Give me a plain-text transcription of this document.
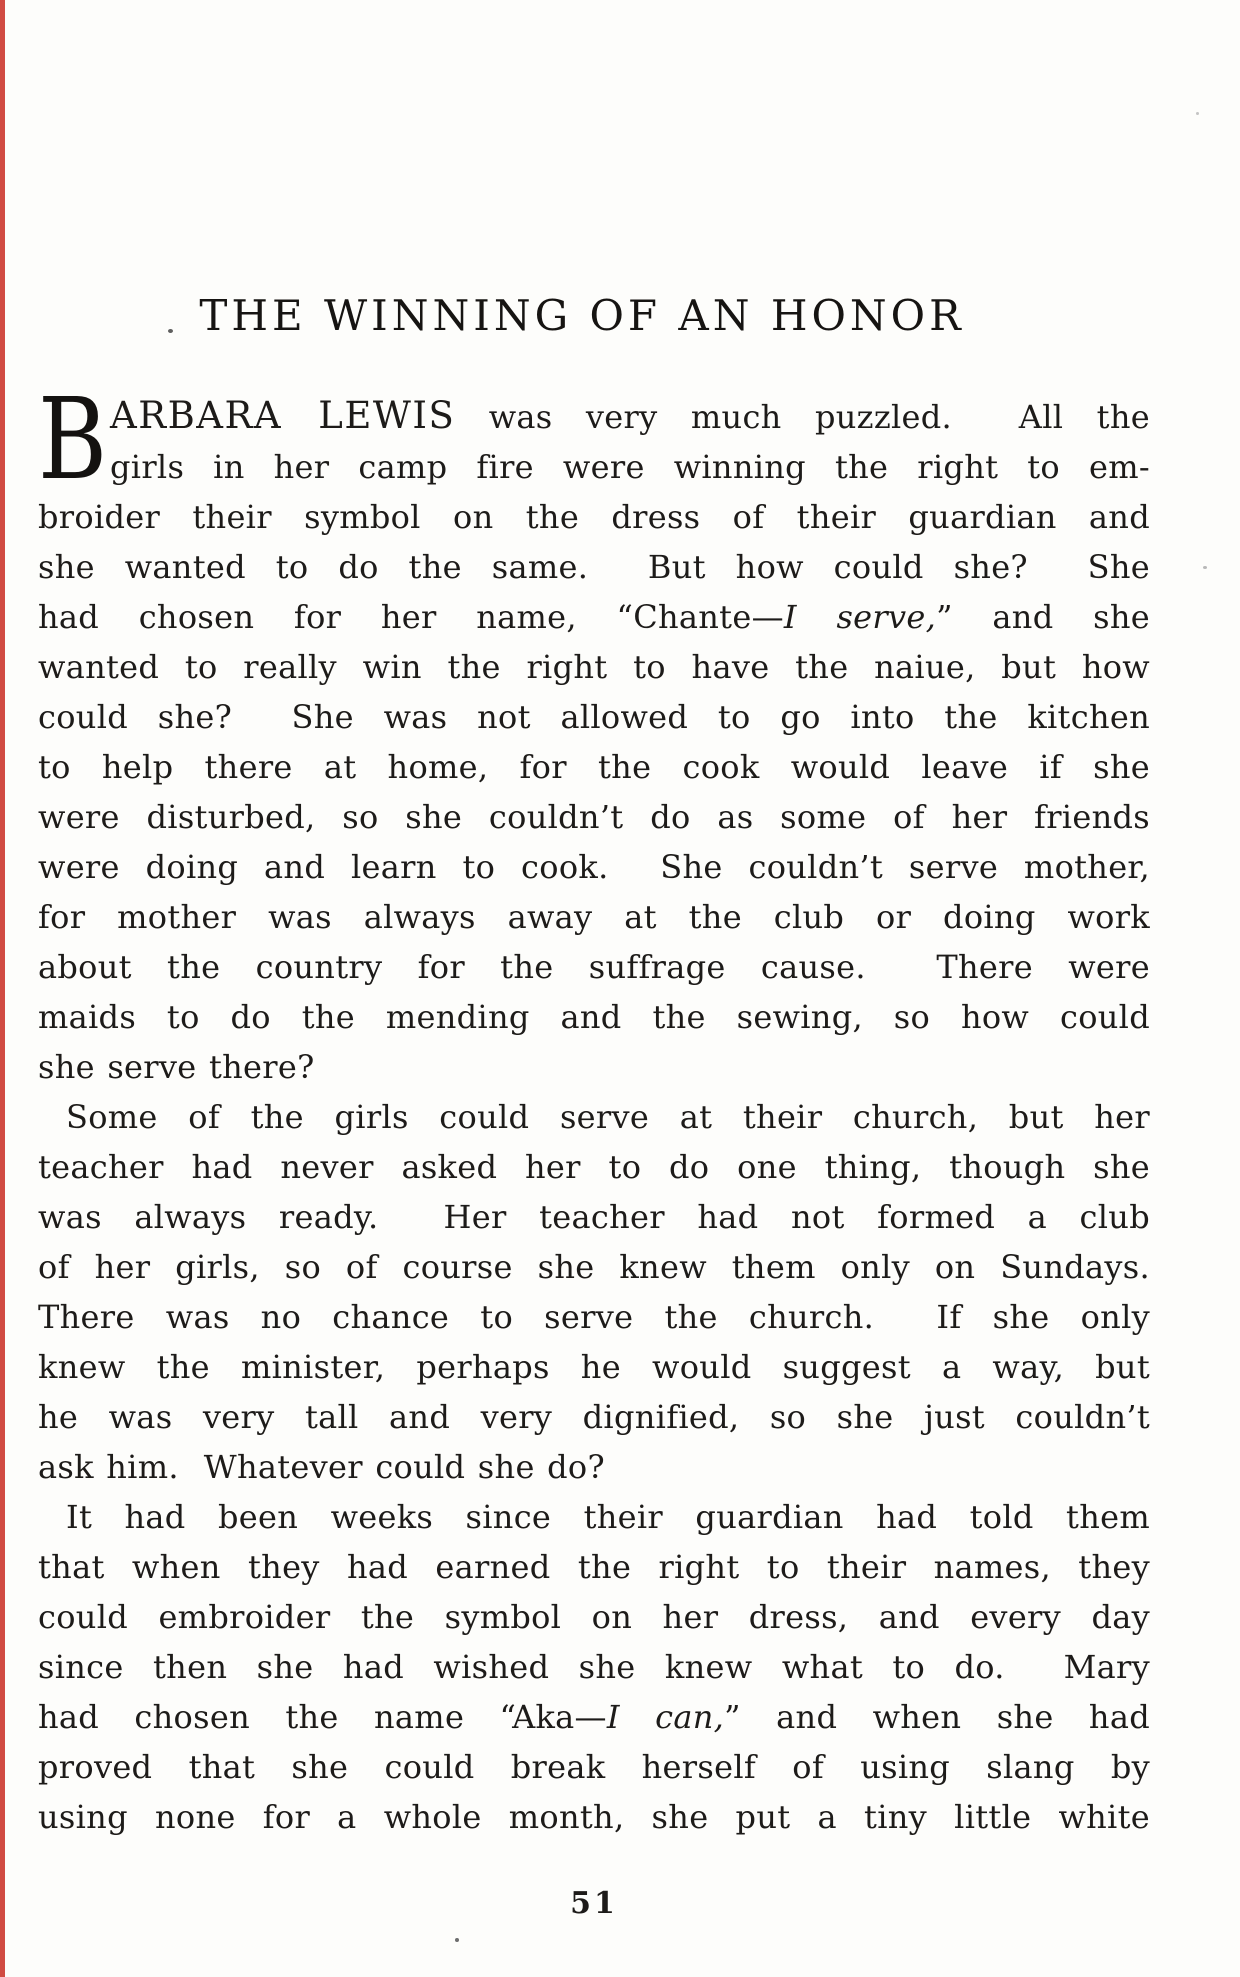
THE WINNING OF AN HONOR
B ARBARA LEWIS was very much puzzled.  All the
girls in her camp fire were winning the right to em-
broider their symbol on the dress of their guardian and
she wanted to do the same.  But how could she?  She
had chosen for her name, “Chante—I serve,” and she
wanted to really win the right to have the naiue, but how
could she?  She was not allowed to go into the kitchen
to help there at home, for the cook would leave if she
were disturbed, so she couldn’t do as some of her friends
were doing and learn to cook.  She couldn’t serve mother,
for mother was always away at the club or doing work
about the country for the suffrage cause.  There were
maids to do the mending and the sewing, so how could
she serve there?
Some of the girls could serve at their church, but her
teacher had never asked her to do one thing, though she
was always ready.  Her teacher had not formed a club
of her girls, so of course she knew them only on Sundays.
There was no chance to serve the church.  If she only
knew the minister, perhaps he would suggest a way, but
he was very tall and very dignified, so she just couldn’t
ask him.  Whatever could she do?
It had been weeks since their guardian had told them
that when they had earned the right to their names, they
could embroider the symbol on her dress, and every day
since then she had wished she knew what to do.  Mary
had chosen the name “Aka—I can,” and when she had
proved that she could break herself of using slang by
using none for a whole month, she put a tiny little white
51
